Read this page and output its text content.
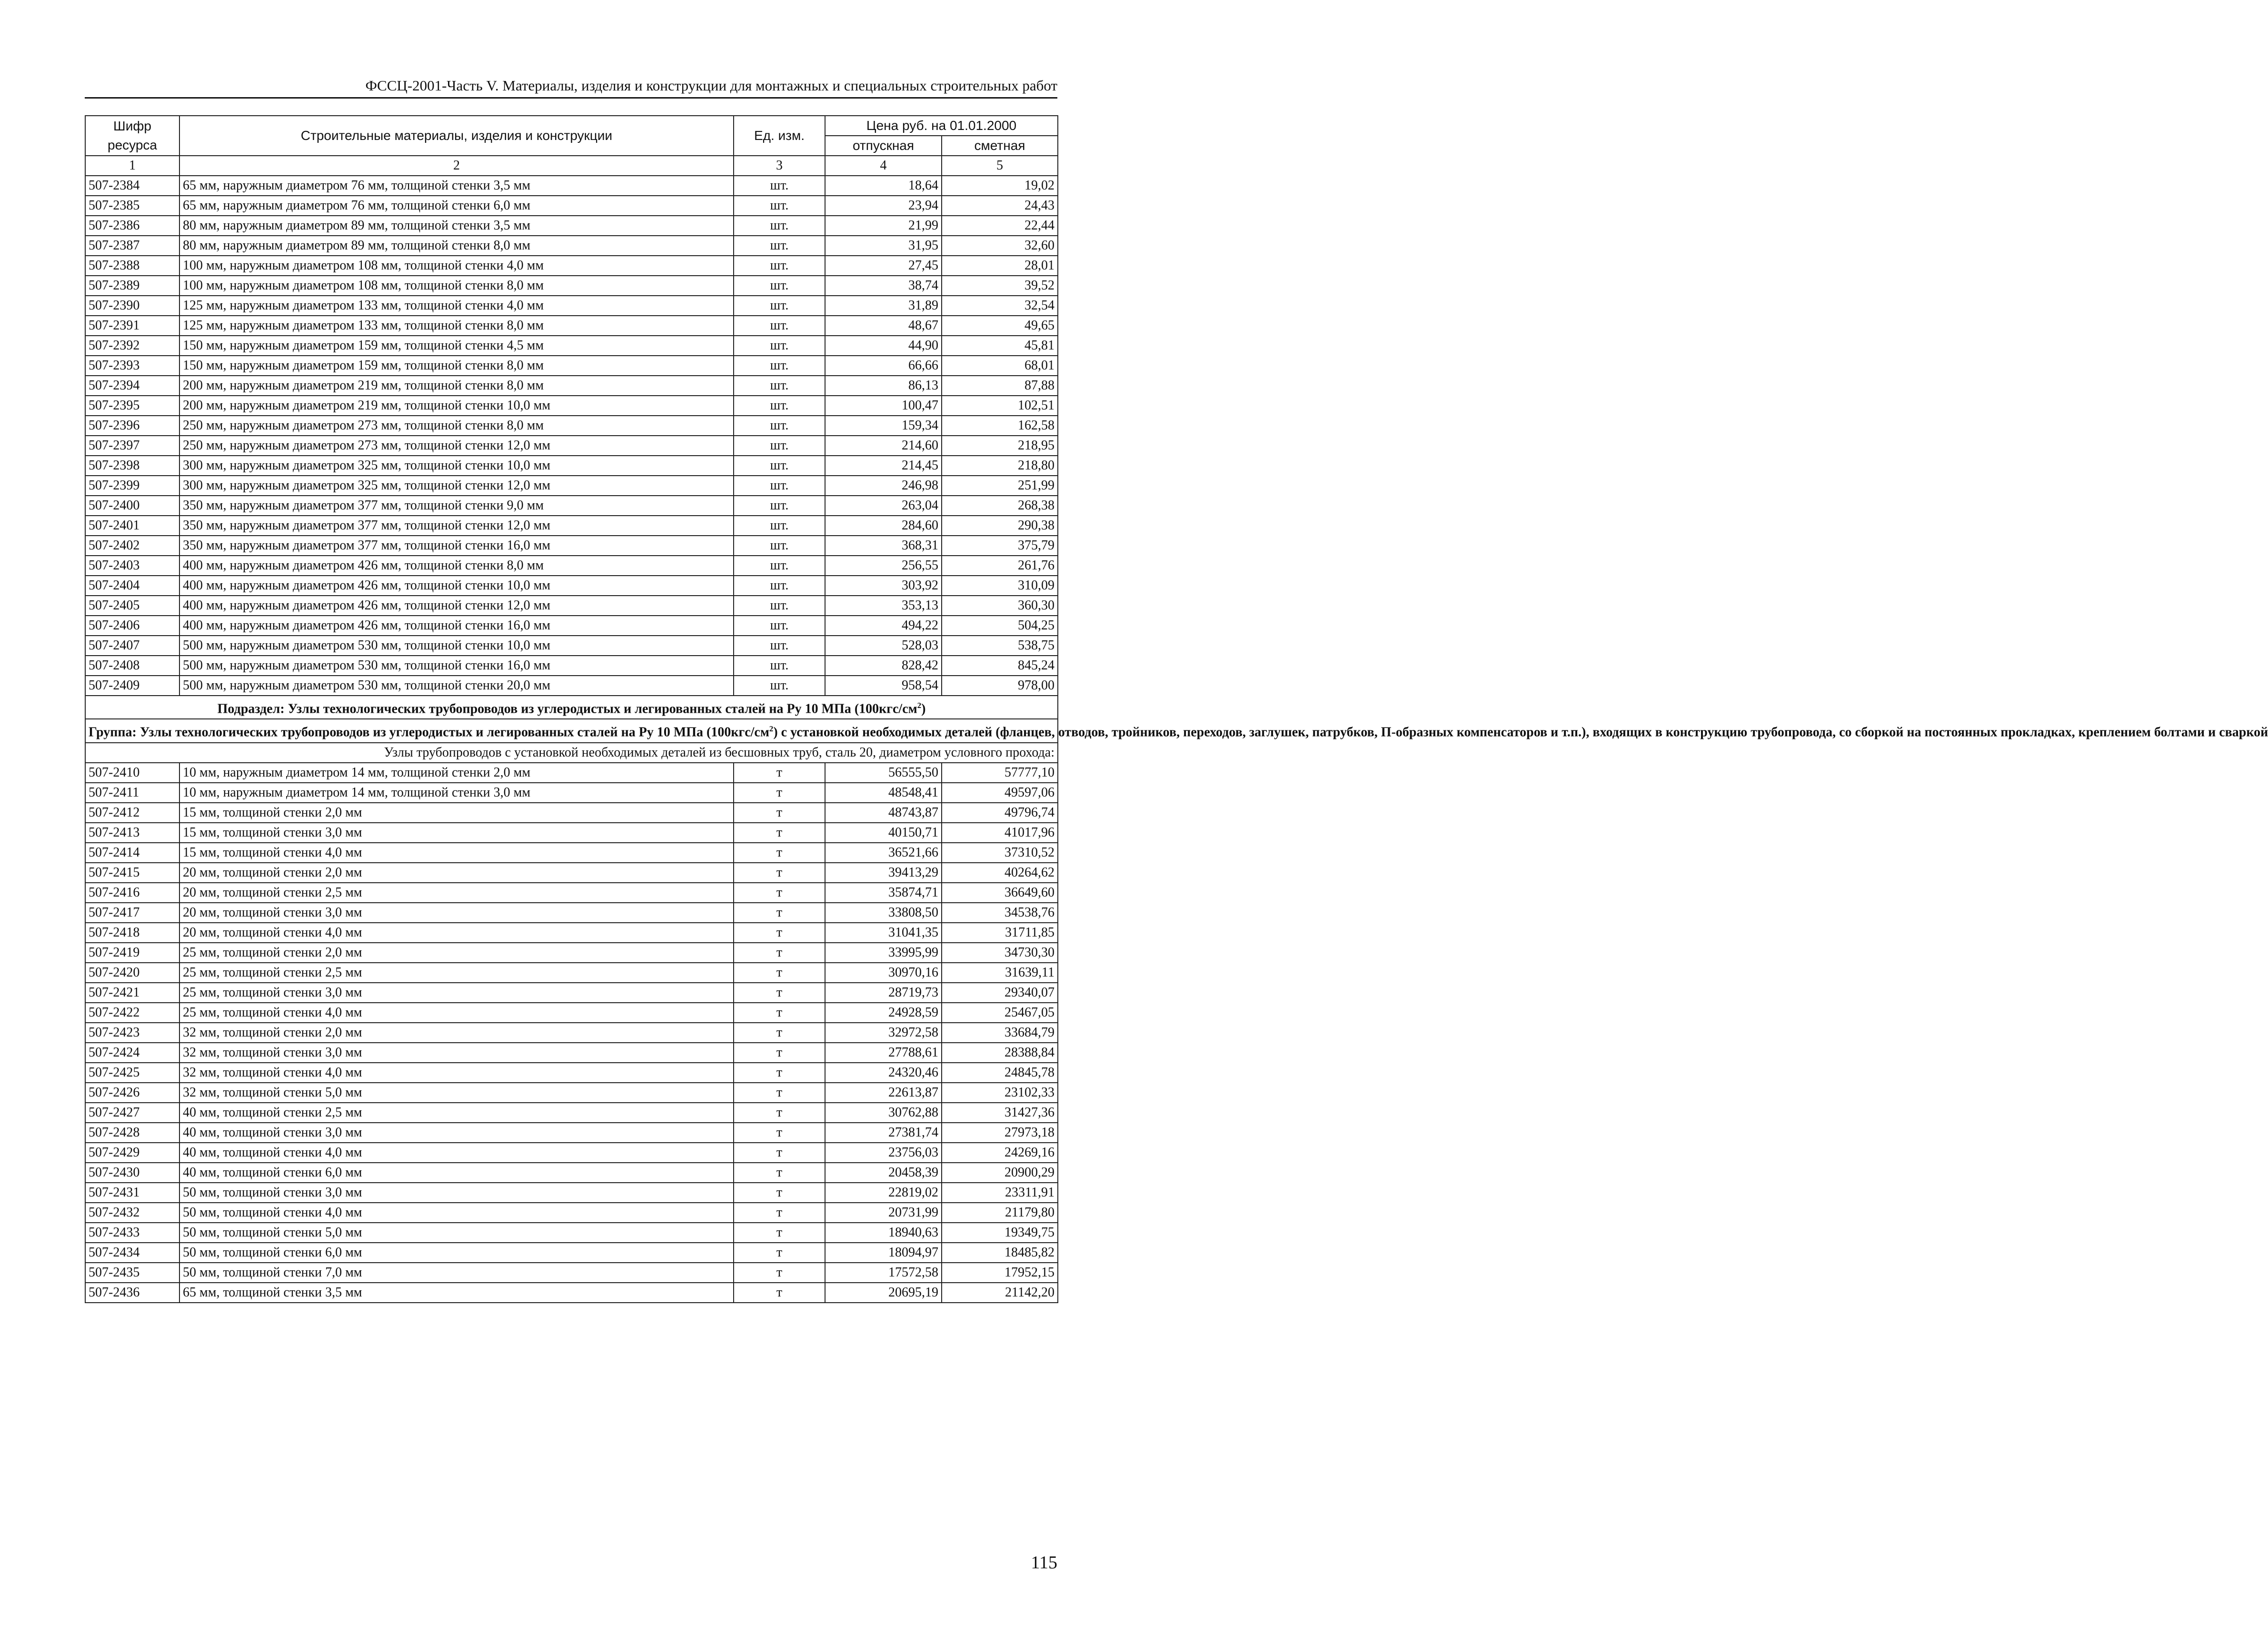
ФССЦ-2001-Часть V. Материалы, изделия и конструкции для монтажных и специальных строительных работ
Шифр ресурса	Строительные материалы, изделия и конструкции	Ед. изм.	Цена руб. на 01.01.2000	
			отпускная	сметная
1	2	3	4	5
507-2384	65 мм, наружным диаметром 76 мм, толщиной стенки 3,5 мм	шт.	18,64	19,02
507-2385	65 мм, наружным диаметром 76 мм, толщиной стенки 6,0 мм	шт.	23,94	24,43
507-2386	80 мм, наружным диаметром 89 мм, толщиной стенки 3,5 мм	шт.	21,99	22,44
507-2387	80 мм, наружным диаметром 89 мм, толщиной стенки 8,0 мм	шт.	31,95	32,60
507-2388	100 мм, наружным диаметром 108 мм, толщиной стенки 4,0 мм	шт.	27,45	28,01
507-2389	100 мм, наружным диаметром 108 мм, толщиной стенки 8,0 мм	шт.	38,74	39,52
507-2390	125 мм, наружным диаметром 133 мм, толщиной стенки 4,0 мм	шт.	31,89	32,54
507-2391	125 мм, наружным диаметром 133 мм, толщиной стенки 8,0 мм	шт.	48,67	49,65
507-2392	150 мм, наружным диаметром 159 мм, толщиной стенки 4,5 мм	шт.	44,90	45,81
507-2393	150 мм, наружным диаметром 159 мм, толщиной стенки 8,0 мм	шт.	66,66	68,01
507-2394	200 мм, наружным диаметром 219 мм, толщиной стенки 8,0 мм	шт.	86,13	87,88
507-2395	200 мм, наружным диаметром 219 мм, толщиной стенки 10,0 мм	шт.	100,47	102,51
507-2396	250 мм, наружным диаметром 273 мм, толщиной стенки 8,0 мм	шт.	159,34	162,58
507-2397	250 мм, наружным диаметром 273 мм, толщиной стенки 12,0 мм	шт.	214,60	218,95
507-2398	300 мм, наружным диаметром 325 мм, толщиной стенки 10,0 мм	шт.	214,45	218,80
507-2399	300 мм, наружным диаметром 325 мм, толщиной стенки 12,0 мм	шт.	246,98	251,99
507-2400	350 мм, наружным диаметром 377 мм, толщиной стенки 9,0 мм	шт.	263,04	268,38
507-2401	350 мм, наружным диаметром 377 мм, толщиной стенки 12,0 мм	шт.	284,60	290,38
507-2402	350 мм, наружным диаметром 377 мм, толщиной стенки 16,0 мм	шт.	368,31	375,79
507-2403	400 мм, наружным диаметром 426 мм, толщиной стенки 8,0 мм	шт.	256,55	261,76
507-2404	400 мм, наружным диаметром 426 мм, толщиной стенки 10,0 мм	шт.	303,92	310,09
507-2405	400 мм, наружным диаметром 426 мм, толщиной стенки 12,0 мм	шт.	353,13	360,30
507-2406	400 мм, наружным диаметром 426 мм, толщиной стенки 16,0 мм	шт.	494,22	504,25
507-2407	500 мм, наружным диаметром 530 мм, толщиной стенки 10,0 мм	шт.	528,03	538,75
507-2408	500 мм, наружным диаметром 530 мм, толщиной стенки 16,0 мм	шт.	828,42	845,24
507-2409	500 мм, наружным диаметром 530 мм, толщиной стенки 20,0 мм	шт.	958,54	978,00
Подраздел: Узлы технологических трубопроводов из углеродистых и легированных сталей на Ру 10 МПа $(100кгс/см^2)$				
Группа: Узлы технологических трубопроводов из углеродистых и легированных сталей на Ру 10 МПа $(100кгс/см^2)$ с установкой необходимых деталей (фланцев, отводов, тройников, переходов, заглушек, патрубков, П-образных компенсаторов и т.п.), входящих в конструкцию трубопровода, со сборкой на постоянных прокладках, креплением болтами и сваркой				
Узлы трубопроводов с установкой необходимых деталей из бесшовных труб, сталь 20, диаметром условного прохода:				
507-2410	10 мм, наружным диаметром 14 мм, толщиной стенки 2,0 мм	т	56555,50	57777,10
507-2411	10 мм, наружным диаметром 14 мм, толщиной стенки 3,0 мм	т	48548,41	49597,06
507-2412	15 мм, толщиной стенки 2,0 мм	т	48743,87	49796,74
507-2413	15 мм, толщиной стенки 3,0 мм	т	40150,71	41017,96
507-2414	15 мм, толщиной стенки 4,0 мм	т	36521,66	37310,52
507-2415	20 мм, толщиной стенки 2,0 мм	т	39413,29	40264,62
507-2416	20 мм, толщиной стенки 2,5 мм	т	35874,71	36649,60
507-2417	20 мм, толщиной стенки 3,0 мм	т	33808,50	34538,76
507-2418	20 мм, толщиной стенки 4,0 мм	т	31041,35	31711,85
507-2419	25 мм, толщиной стенки 2,0 мм	т	33995,99	34730,30
507-2420	25 мм, толщиной стенки 2,5 мм	т	30970,16	31639,11
507-2421	25 мм, толщиной стенки 3,0 мм	т	28719,73	29340,07
507-2422	25 мм, толщиной стенки 4,0 мм	т	24928,59	25467,05
507-2423	32 мм, толщиной стенки 2,0 мм	т	32972,58	33684,79
507-2424	32 мм, толщиной стенки 3,0 мм	т	27788,61	28388,84
507-2425	32 мм, толщиной стенки 4,0 мм	т	24320,46	24845,78
507-2426	32 мм, толщиной стенки 5,0 мм	т	22613,87	23102,33
507-2427	40 мм, толщиной стенки 2,5 мм	т	30762,88	31427,36
507-2428	40 мм, толщиной стенки 3,0 мм	т	27381,74	27973,18
507-2429	40 мм, толщиной стенки 4,0 мм	т	23756,03	24269,16
507-2430	40 мм, толщиной стенки 6,0 мм	т	20458,39	20900,29
507-2431	50 мм, толщиной стенки 3,0 мм	т	22819,02	23311,91
507-2432	50 мм, толщиной стенки 4,0 мм	т	20731,99	21179,80
507-2433	50 мм, толщиной стенки 5,0 мм	т	18940,63	19349,75
507-2434	50 мм, толщиной стенки 6,0 мм	т	18094,97	18485,82
507-2435	50 мм, толщиной стенки 7,0 мм	т	17572,58	17952,15
507-2436	65 мм, толщиной стенки 3,5 мм	т	20695,19	21142,20
115
